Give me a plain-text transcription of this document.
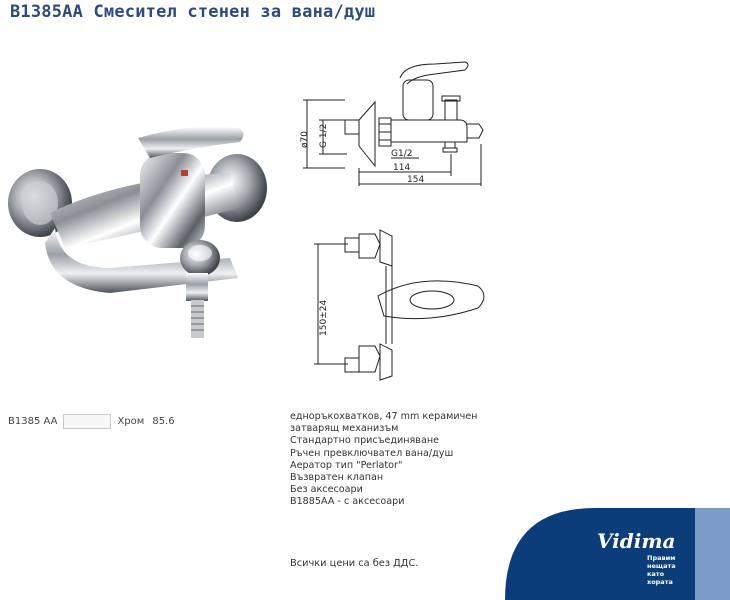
B1385AA Смесител стенен за вана/душ
ø70 G 1/2
G1/2
114
154
150±24
B1385 AA	Хром 85.6	еднoръкохватков, 47 mm керамичен
затварящ механизъм
Стандартно присъединяване
Ръчен превключвател вана/душ
Аератор тип "Perlator"
Възвратен клапан
Без аксесоари
B1885AA - с аксесоари
Всички цени са без ДДС.
Vidima
Правим
нещата
като
хората
